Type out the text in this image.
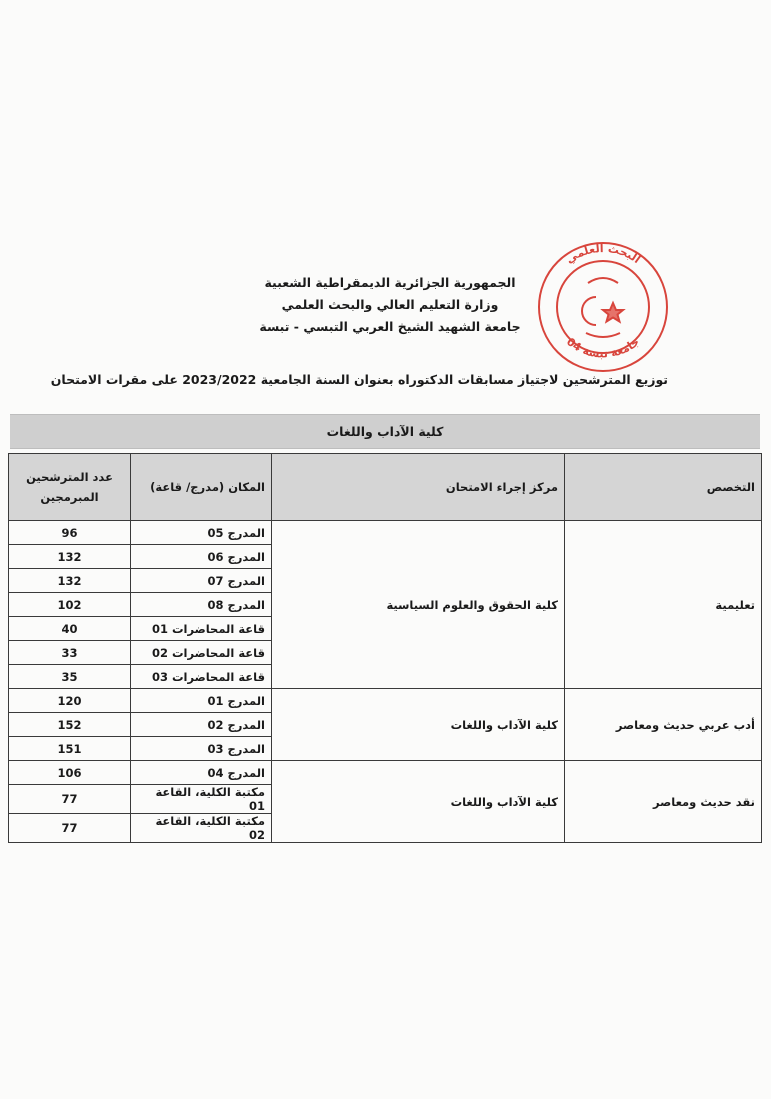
البحث العلمي
جامعة تبسة 04
الجمهورية الجزائرية الديمقراطية الشعبية
وزارة التعليم العالي والبحث العلمي
جامعة الشهيد الشيخ العربي التبسي - تبسة
توزيع المترشحين لاجتياز مسابقات الدكتوراه بعنوان السنة الجامعية 2023/2022 على مقرات الامتحان
كلية الآداب واللغات
التخصص	مركز إجراء الامتحان	المكان (مدرج/ قاعة)	عدد المترشحين
المبرمجين

تعليمية	كلية الحقوق والعلوم السياسية	المدرج 05	96
		المدرج 06	132
		المدرج 07	132
		المدرج 08	102
		قاعة المحاضرات 01	40
		قاعة المحاضرات 02	33
		قاعة المحاضرات 03	35
أدب عربي حديث ومعاصر	كلية الآداب واللغات	المدرج 01	120
		المدرج 02	152
		المدرج 03	151
نقد حديث ومعاصر	كلية الآداب واللغات	المدرج 04	106
		مكتبة الكلية، القاعة 01	77
		مكتبة الكلية، القاعة 02	77
